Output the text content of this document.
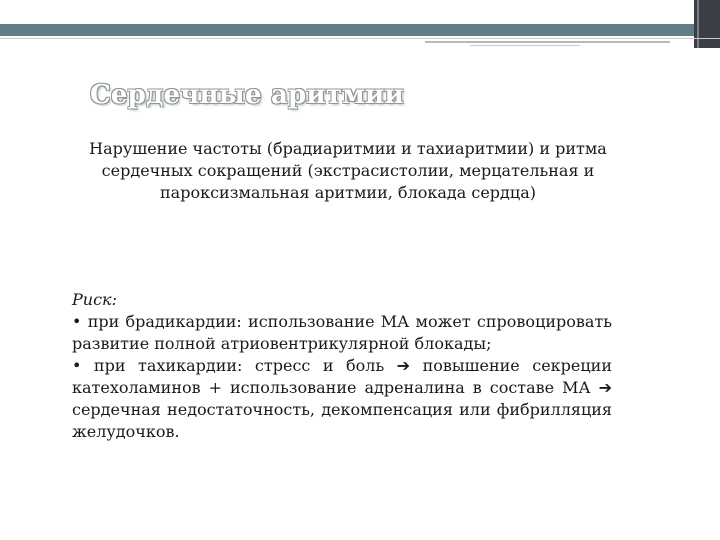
Сердечные аритмии

Нарушение частоты (брадиаритмии и тахиаритмии) и ритма сердечных сокращений (экстрасистолии, мерцательная и пароксизмальная аритмии, блокада сердца)

Риск:
• при брадикардии: использование МА может спровоцировать развитие полной атриовентрикулярной блокады;
• при тахикардии: стресс и боль ➔ повышение секреции катехоламинов + использование адреналина в составе МА ➔ сердечная недостаточность, декомпенсация или фибрилляция желудочков.
